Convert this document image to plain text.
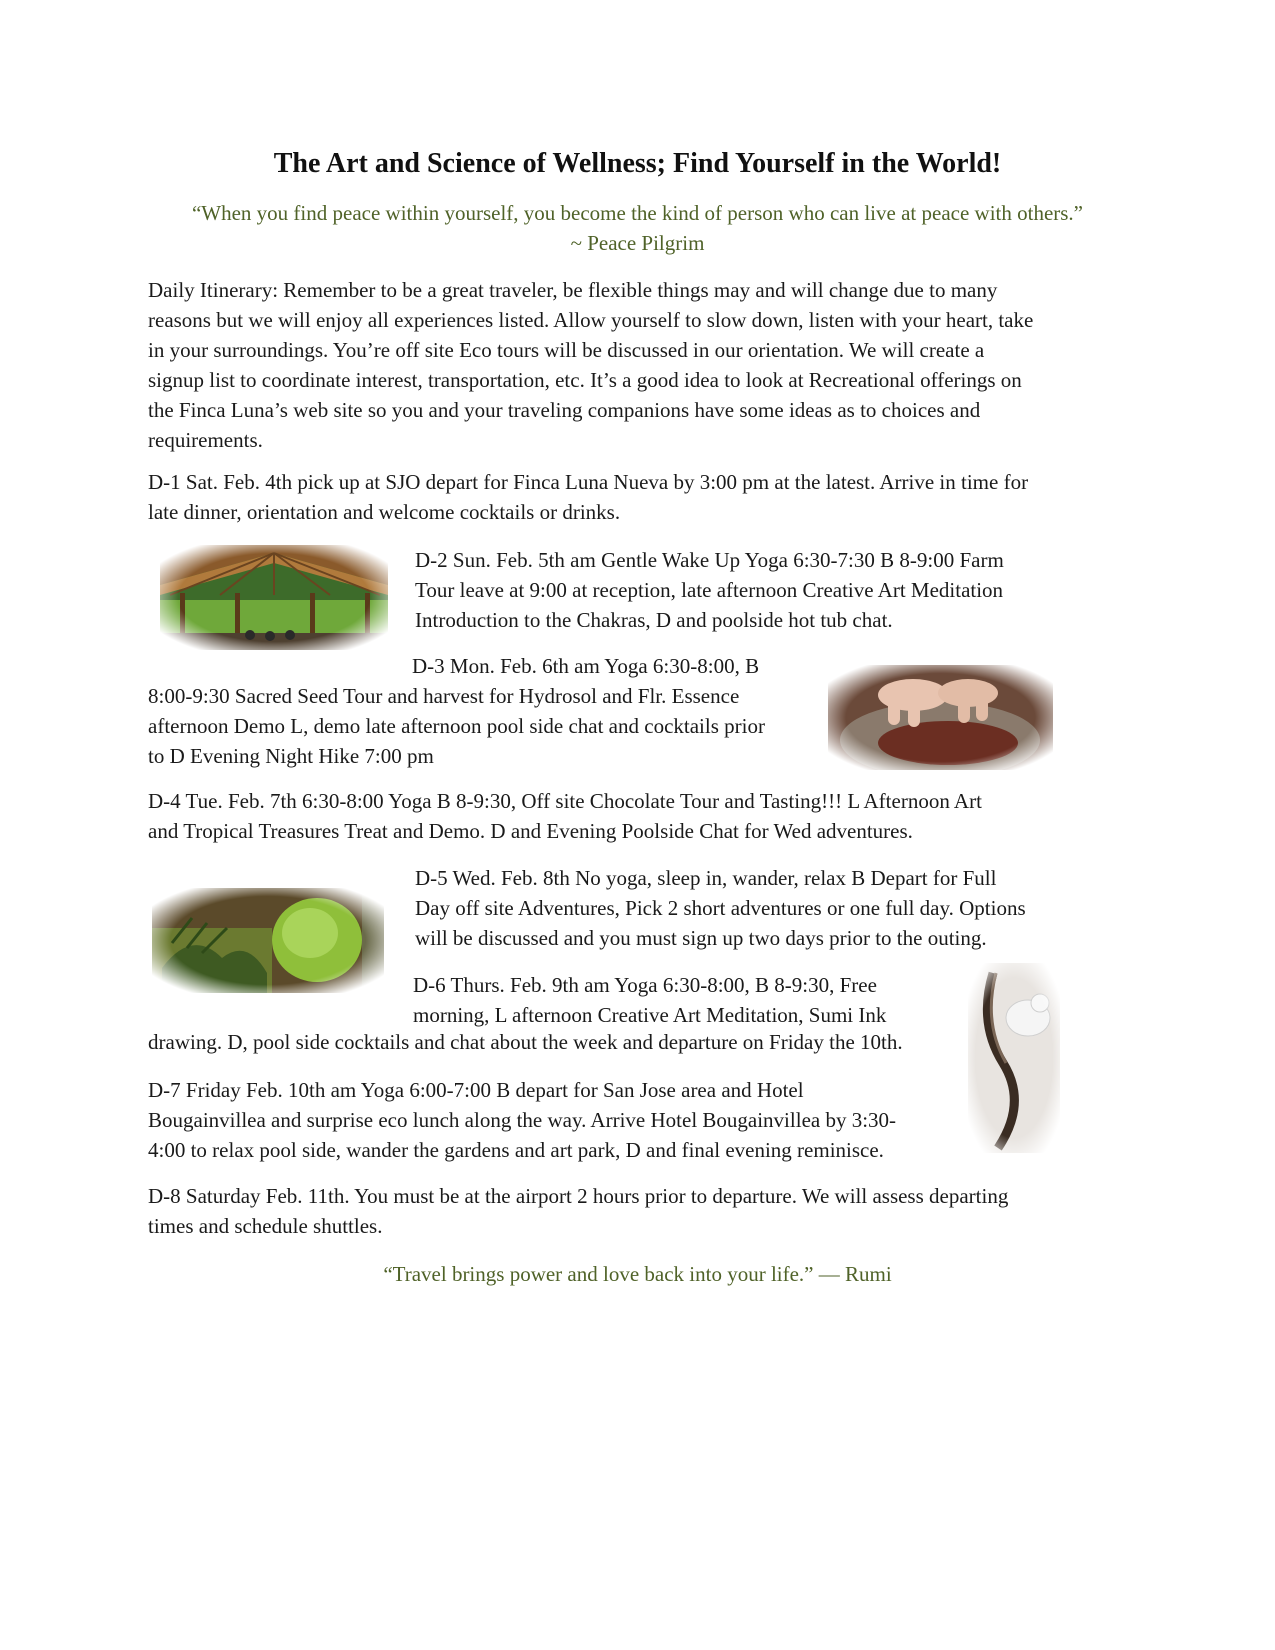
The Art and Science of Wellness; Find Yourself in the World!
“When you find peace within yourself, you become the kind of person who can live at peace with others.”
~ Peace Pilgrim
Daily Itinerary: Remember to be a great traveler, be flexible things may and will change due to many
reasons but we will enjoy all experiences listed. Allow yourself to slow down, listen with your heart, take
in your surroundings. You’re off site Eco tours will be discussed in our orientation. We will create a
signup list to coordinate interest, transportation, etc. It’s a good idea to look at Recreational offerings on
the Finca Luna’s web site so you and your traveling companions have some ideas as to choices and
requirements.
D-1 Sat. Feb. 4th pick up at SJO depart for Finca Luna Nueva by 3:00 pm at the latest. Arrive in time for
late dinner, orientation and welcome cocktails or drinks.
D-2 Sun. Feb. 5th am Gentle Wake Up Yoga 6:30-7:30 B 8-9:00 Farm
Tour leave at 9:00 at reception, late afternoon Creative Art Meditation
Introduction to the Chakras, D and poolside hot tub chat.
D-3 Mon. Feb. 6th am Yoga 6:30-8:00, B
8:00-9:30 Sacred Seed Tour and harvest for Hydrosol and Flr. Essence
afternoon Demo L, demo late afternoon pool side chat and cocktails prior
to D Evening Night Hike 7:00 pm
D-4 Tue. Feb. 7th 6:30-8:00 Yoga B 8-9:30, Off site Chocolate Tour and Tasting!!! L Afternoon Art
and Tropical Treasures Treat and Demo. D and Evening Poolside Chat for Wed adventures.
D-5 Wed. Feb. 8th No yoga, sleep in, wander, relax B Depart for Full
Day off site Adventures, Pick 2 short adventures or one full day. Options
will be discussed and you must sign up two days prior to the outing.
D-6 Thurs. Feb. 9th am Yoga 6:30-8:00, B 8-9:30, Free
morning, L afternoon Creative Art Meditation, Sumi Ink
drawing. D, pool side cocktails and chat about the week and departure on Friday the 10th.
D-7 Friday Feb. 10th am Yoga 6:00-7:00 B depart for San Jose area and Hotel
Bougainvillea and surprise eco lunch along the way. Arrive Hotel Bougainvillea by 3:30-
4:00 to relax pool side, wander the gardens and art park, D and final evening reminisce.
D-8 Saturday Feb. 11th. You must be at the airport 2 hours prior to departure. We will assess departing
times and schedule shuttles.
“Travel brings power and love back into your life.” — Rumi
